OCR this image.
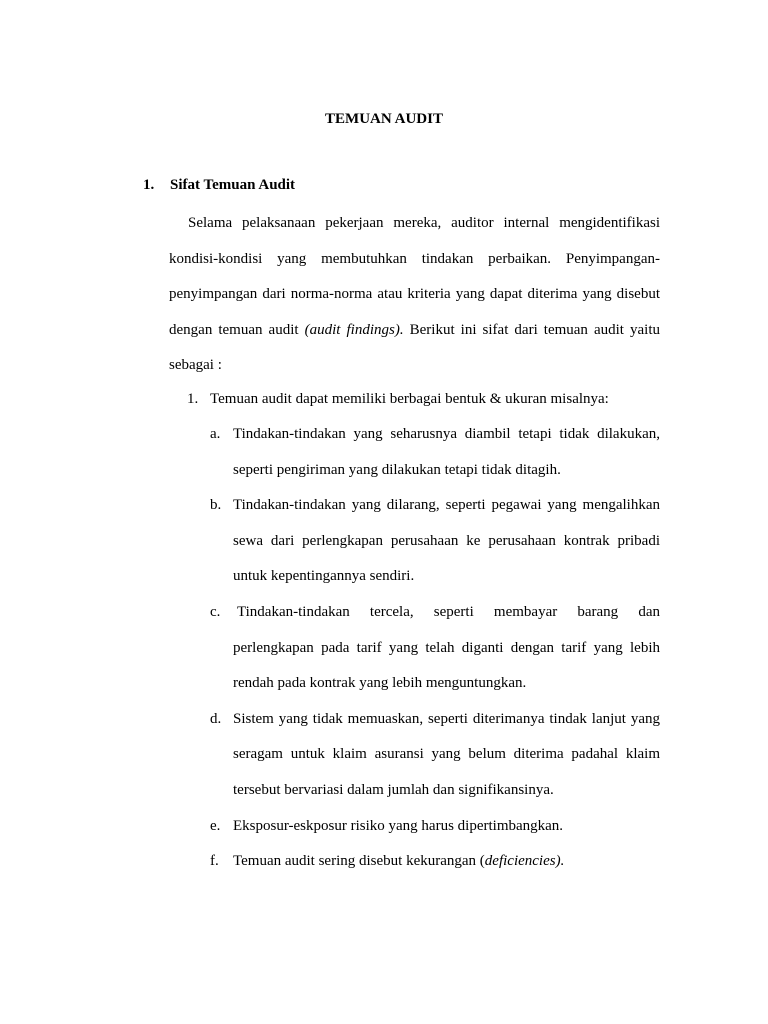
TEMUAN AUDIT
1. Sifat Temuan Audit

Selama pelaksanaan pekerjaan mereka, auditor internal mengidentifikasi kondisi-kondisi yang membutuhkan tindakan perbaikan. Penyimpangan-penyimpangan dari norma-norma atau kriteria yang dapat diterima yang disebut dengan temuan audit (audit findings). Berikut ini sifat dari temuan audit yaitu sebagai :

1. Temuan audit dapat memiliki berbagai bentuk & ukuran misalnya:
a. Tindakan-tindakan yang seharusnya diambil tetapi tidak dilakukan, seperti pengiriman yang dilakukan tetapi tidak ditagih.
b. Tindakan-tindakan yang dilarang, seperti pegawai yang mengalihkan sewa dari perlengkapan perusahaan ke perusahaan kontrak pribadi untuk kepentingannya sendiri.
c. Tindakan-tindakan tercela, seperti membayar barang dan perlengkapan pada tarif yang telah diganti dengan tarif yang lebih rendah pada kontrak yang lebih menguntungkan.
d. Sistem yang tidak memuaskan, seperti diterimanya tindak lanjut yang seragam untuk klaim asuransi yang belum diterima padahal klaim tersebut bervariasi dalam jumlah dan signifikansinya.
e. Eksposur-eskposur risiko yang harus dipertimbangkan.
f. Temuan audit sering disebut kekurangan (deficiencies).
